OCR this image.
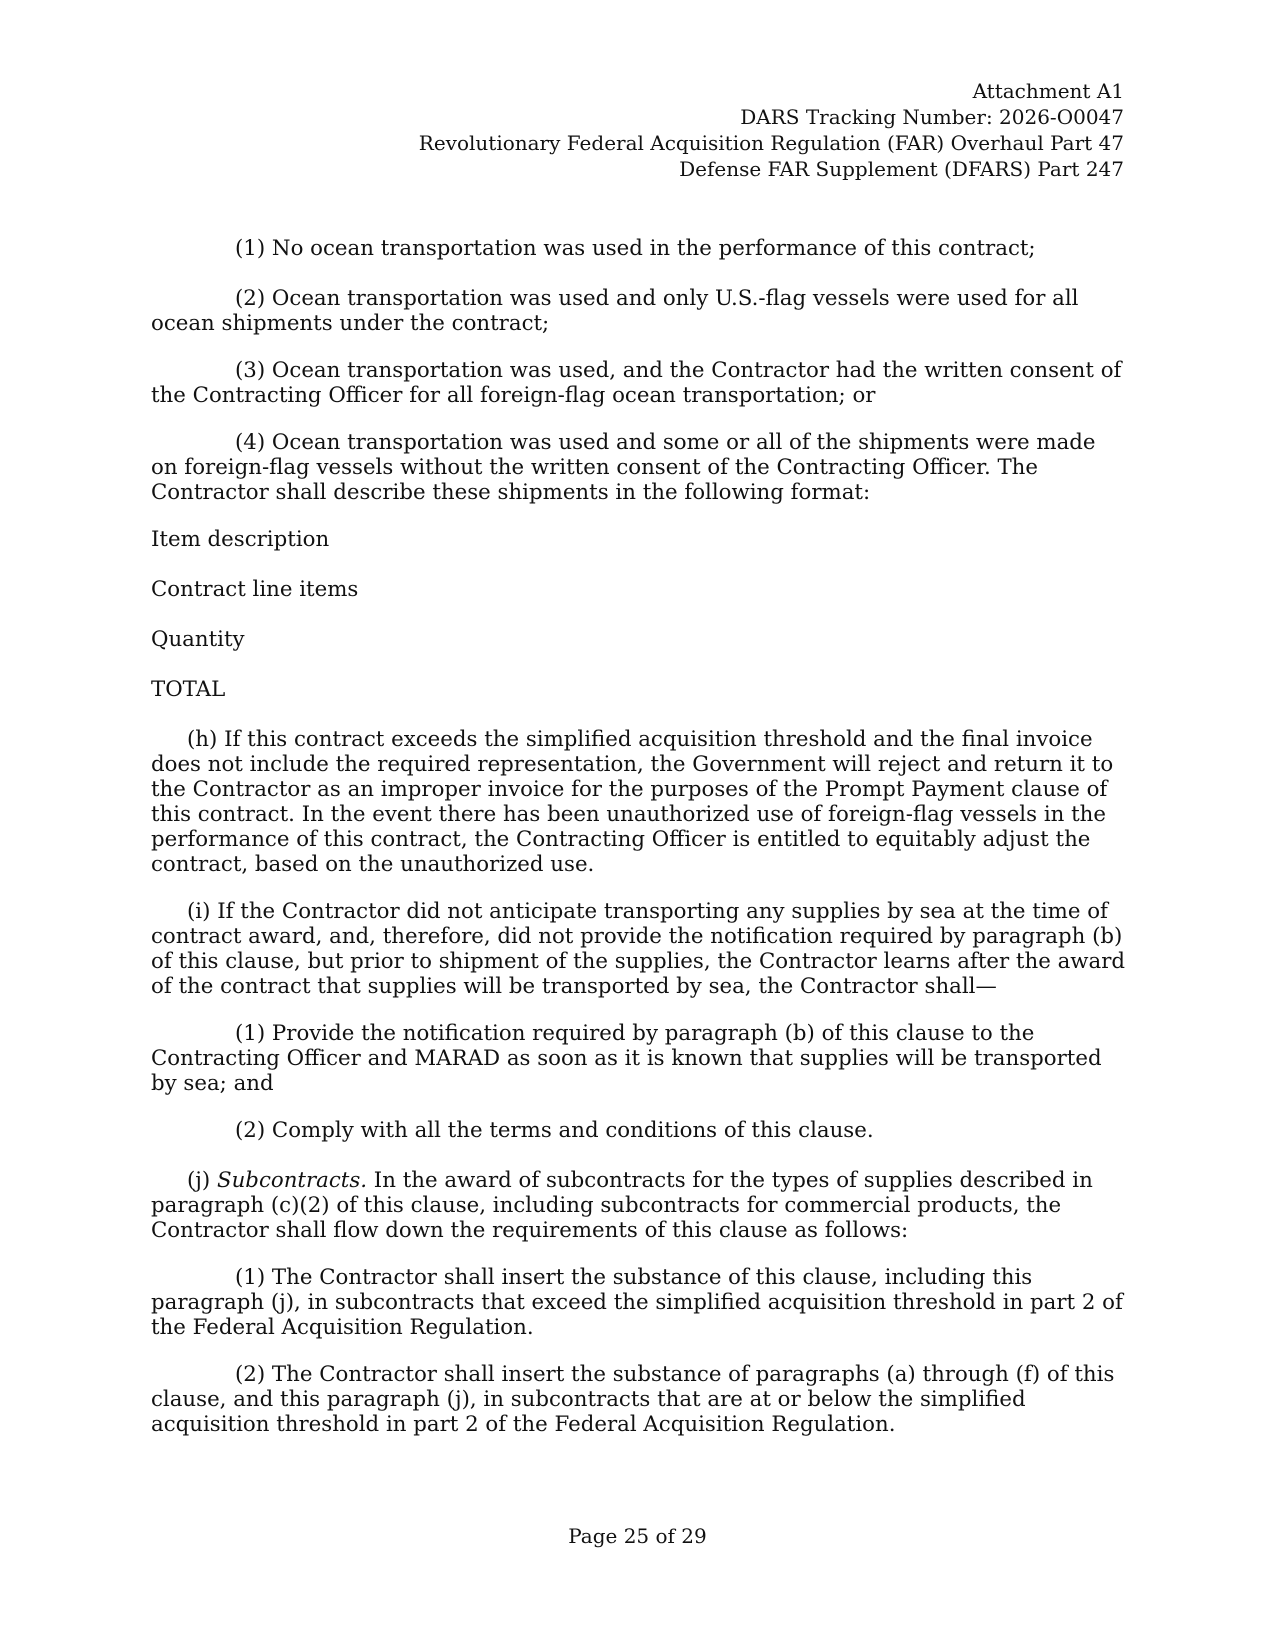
Attachment A1
DARS Tracking Number: 2026-O0047
Revolutionary Federal Acquisition Regulation (FAR) Overhaul Part 47
Defense FAR Supplement (DFARS) Part 247

(1) No ocean transportation was used in the performance of this contract;

(2) Ocean transportation was used and only U.S.-flag vessels were used for all ocean shipments under the contract;

(3) Ocean transportation was used, and the Contractor had the written consent of the Contracting Officer for all foreign-flag ocean transportation; or

(4) Ocean transportation was used and some or all of the shipments were made on foreign-flag vessels without the written consent of the Contracting Officer. The Contractor shall describe these shipments in the following format:

Item description

Contract line items

Quantity

TOTAL

(h) If this contract exceeds the simplified acquisition threshold and the final invoice does not include the required representation, the Government will reject and return it to the Contractor as an improper invoice for the purposes of the Prompt Payment clause of this contract. In the event there has been unauthorized use of foreign-flag vessels in the performance of this contract, the Contracting Officer is entitled to equitably adjust the contract, based on the unauthorized use.

(i) If the Contractor did not anticipate transporting any supplies by sea at the time of contract award, and, therefore, did not provide the notification required by paragraph (b) of this clause, but prior to shipment of the supplies, the Contractor learns after the award of the contract that supplies will be transported by sea, the Contractor shall—

(1) Provide the notification required by paragraph (b) of this clause to the Contracting Officer and MARAD as soon as it is known that supplies will be transported by sea; and

(2) Comply with all the terms and conditions of this clause.

(j) Subcontracts. In the award of subcontracts for the types of supplies described in paragraph (c)(2) of this clause, including subcontracts for commercial products, the Contractor shall flow down the requirements of this clause as follows:

(1) The Contractor shall insert the substance of this clause, including this paragraph (j), in subcontracts that exceed the simplified acquisition threshold in part 2 of the Federal Acquisition Regulation.

(2) The Contractor shall insert the substance of paragraphs (a) through (f) of this clause, and this paragraph (j), in subcontracts that are at or below the simplified acquisition threshold in part 2 of the Federal Acquisition Regulation.

Page 25 of 29
